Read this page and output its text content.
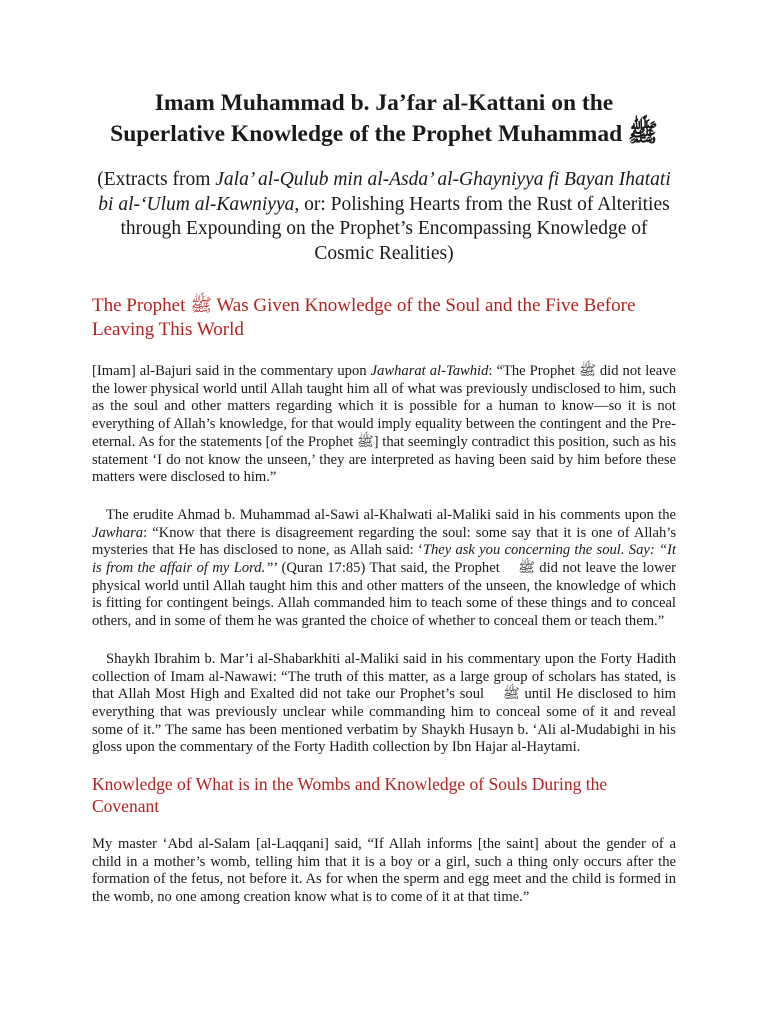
Imam Muhammad b. Ja’far al-Kattani on the
Superlative Knowledge of the Prophet Muhammad ﷺ

(Extracts from Jala’ al-Qulub min al-Asda’ al-Ghayniyya fi Bayan Ihatati bi al-‘Ulum al-Kawniyya, or: Polishing Hearts from the Rust of Alterities through Expounding on the Prophet’s Encompassing Knowledge of Cosmic Realities)

The Prophet ﷺ Was Given Knowledge of the Soul and the Five Before Leaving This World

[Imam] al-Bajuri said in the commentary upon Jawharat al-Tawhid: “The Prophet ﷺ did not leave the lower physical world until Allah taught him all of what was previously undisclosed to him, such as the soul and other matters regarding which it is possible for a human to know—so it is not everything of Allah’s knowledge, for that would imply equality between the contingent and the Pre-eternal. As for the statements [of the Prophet ﷺ] that seemingly contradict this position, such as his statement ‘I do not know the unseen,’ they are interpreted as having been said by him before these matters were disclosed to him.”

The erudite Ahmad b. Muhammad al-Sawi al-Khalwati al-Maliki said in his comments upon the Jawhara: “Know that there is disagreement regarding the soul: some say that it is one of Allah’s mysteries that He has disclosed to none, as Allah said: ‘They ask you concerning the soul. Say: “It is from the affair of my Lord.”’ (Quran 17:85) That said, the Prophet ﷺ did not leave the lower physical world until Allah taught him this and other matters of the unseen, the knowledge of which is fitting for contingent beings. Allah commanded him to teach some of these things and to conceal others, and in some of them he was granted the choice of whether to conceal them or teach them.”

Shaykh Ibrahim b. Mar’i al-Shabarkhiti al-Maliki said in his commentary upon the Forty Hadith collection of Imam al-Nawawi: “The truth of this matter, as a large group of scholars has stated, is that Allah Most High and Exalted did not take our Prophet’s soul ﷺ until He disclosed to him everything that was previously unclear while commanding him to conceal some of it and reveal some of it.” The same has been mentioned verbatim by Shaykh Husayn b. ‘Ali al-Mudabighi in his gloss upon the commentary of the Forty Hadith collection by Ibn Hajar al-Haytami.

Knowledge of What is in the Wombs and Knowledge of Souls During the Covenant

My master ‘Abd al-Salam [al-Laqqani] said, “If Allah informs [the saint] about the gender of a child in a mother’s womb, telling him that it is a boy or a girl, such a thing only occurs after the formation of the fetus, not before it. As for when the sperm and egg meet and the child is formed in the womb, no one among creation know what is to come of it at that time.”
